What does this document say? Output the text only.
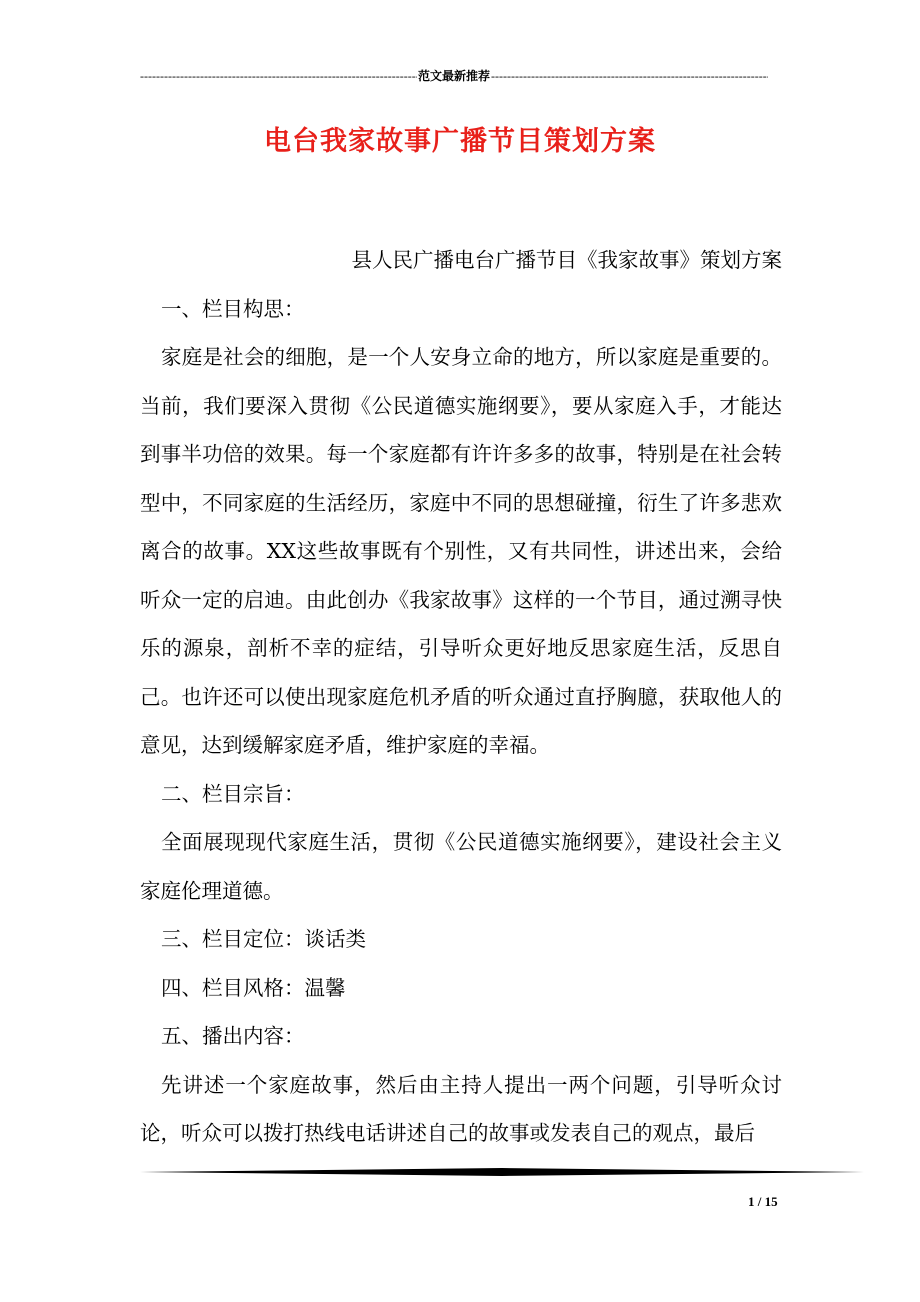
-----
范文最新推荐
-----
电台我家故事广播节目策划方案

县人民广播电台广播节目《我家故事》策划方案

一、栏目构思：

家庭是社会的细胞，是一个人安身立命的地方，所以家庭是重要的。当前，我们要深入贯彻《公民道德实施纲要》，要从家庭入手，才能达到事半功倍的效果。每一个家庭都有许许多多的故事，特别是在社会转型中，不同家庭的生活经历，家庭中不同的思想碰撞，衍生了许多悲欢离合的故事。XX这些故事既有个别性，又有共同性，讲述出来，会给听众一定的启迪。由此创办《我家故事》这样的一个节目，通过溯寻快乐的源泉，剖析不幸的症结，引导听众更好地反思家庭生活，反思自己。也许还可以使出现家庭危机矛盾的听众通过直抒胸臆，获取他人的意见，达到缓解家庭矛盾，维护家庭的幸福。

二、栏目宗旨：

全面展现现代家庭生活，贯彻《公民道德实施纲要》，建设社会主义家庭伦理道德。

三、栏目定位：谈话类

四、栏目风格：温馨

五、播出内容：

先讲述一个家庭故事，然后由主持人提出一两个问题，引导听众讨论，听众可以拨打热线电话讲述自己的故事或发表自己的观点，最后

1 / 15
